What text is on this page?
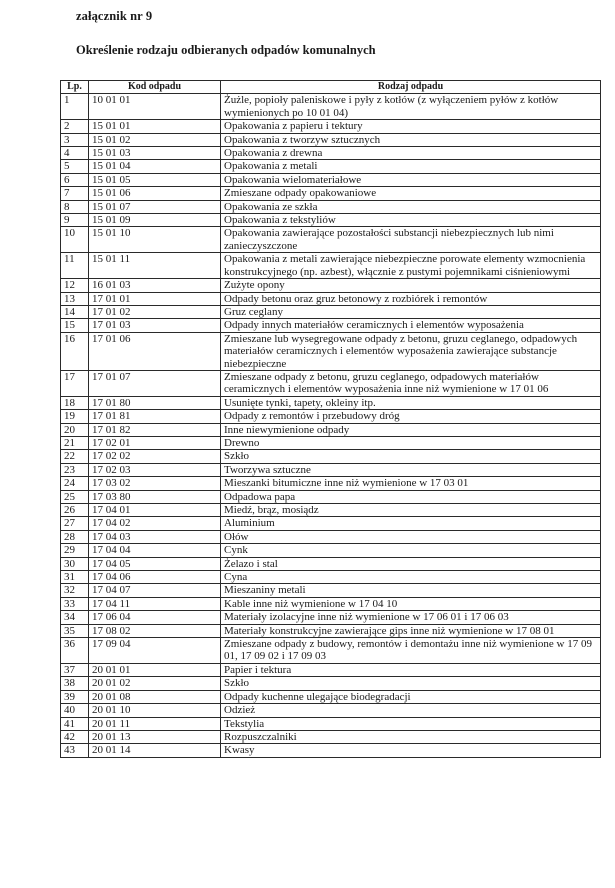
załącznik nr 9
Określenie rodzaju odbieranych odpadów komunalnych
Lp.	Kod odpadu	Rodzaj odpadu
1	10 01 01	Żużle, popioły paleniskowe i pyły z kotłów (z wyłączeniem pyłów z kotłów wymienionych po 10 01 04)
2	15 01 01	Opakowania z papieru i tektury
3	15 01 02	Opakowania z tworzyw sztucznych
4	15 01 03	Opakowania z drewna
5	15 01 04	Opakowania z metali
6	15 01 05	Opakowania wielomateriałowe
7	15 01 06	Zmieszane odpady opakowaniowe
8	15 01 07	Opakowania ze szkła
9	15 01 09	Opakowania z tekstyliów
10	15 01 10	Opakowania zawierające pozostałości substancji niebezpiecznych lub nimi zanieczyszczone
11	15 01 11	Opakowania z metali zawierające niebezpieczne porowate elementy wzmocnienia konstrukcyjnego (np. azbest), włącznie z pustymi pojemnikami ciśnieniowymi
12	16 01 03	Zużyte opony
13	17 01 01	Odpady betonu oraz gruz betonowy z rozbiórek i remontów
14	17 01 02	Gruz ceglany
15	17 01 03	Odpady innych materiałów ceramicznych i elementów wyposażenia
16	17 01 06	Zmieszane lub wysegregowane odpady z betonu, gruzu ceglanego, odpadowych materiałów ceramicznych i elementów wyposażenia zawierające substancje niebezpieczne
17	17 01 07	Zmieszane odpady z betonu, gruzu ceglanego, odpadowych materiałów ceramicznych i elementów wyposażenia inne niż wymienione w 17 01 06
18	17 01 80	Usunięte tynki, tapety, okleiny itp.
19	17 01 81	Odpady z remontów i przebudowy dróg
20	17 01 82	Inne niewymienione odpady
21	17 02 01	Drewno
22	17 02 02	Szkło
23	17 02 03	Tworzywa sztuczne
24	17 03 02	Mieszanki bitumiczne inne niż wymienione w 17 03 01
25	17 03 80	Odpadowa papa
26	17 04 01	Miedź, brąz, mosiądz
27	17 04 02	Aluminium
28	17 04 03	Ołów
29	17 04 04	Cynk
30	17 04 05	Żelazo i stal
31	17 04 06	Cyna
32	17 04 07	Mieszaniny metali
33	17 04 11	Kable inne niż wymienione w 17 04 10
34	17 06 04	Materiały izolacyjne inne niż wymienione w 17 06 01 i 17 06 03
35	17 08 02	Materiały konstrukcyjne zawierające gips inne niż wymienione w 17 08 01
36	17 09 04	Zmieszane odpady z budowy, remontów i demontażu inne niż wymienione w 17 09 01, 17 09 02 i 17 09 03
37	20 01 01	Papier i tektura
38	20 01 02	Szkło
39	20 01 08	Odpady kuchenne ulegające biodegradacji
40	20 01 10	Odzież
41	20 01 11	Tekstylia
42	20 01 13	Rozpuszczalniki
43	20 01 14	Kwasy
